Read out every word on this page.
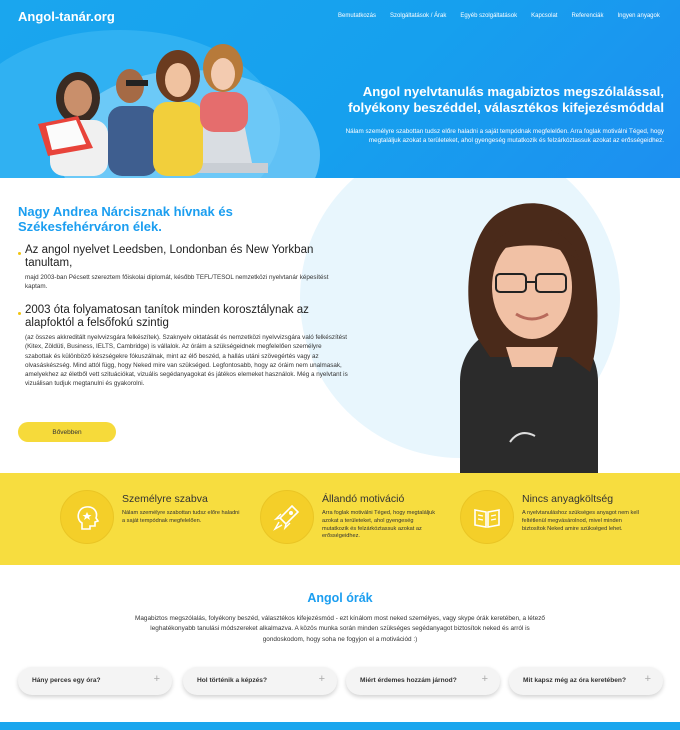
Angol-tanár.org	Bemutatkozás Szolgáltatások / Árak Egyéb szolgáltatások Kapcsolat Referenciák Ingyen anyagok
Angol nyelvtanulás magabiztos megszólalással, folyékony beszéddel, választékos kifejezésmóddal

Nálam személyre szabottan tudsz előre haladni a saját tempódnak megfelelően. Arra foglak motiválni Téged, hogy megtaláljuk azokat a területeket, ahol gyengeség mutatkozik és felzárkóztassuk azokat az erősségeidhez.

Nagy Andrea Nárcisznak hívnak és Székesfehérváron élek.

Az angol nyelvet Leedsben, Londonban és New Yorkban tanultam,

majd 2003-ban Pécsett szereztem főiskolai diplomát, később TEFL/TESOL nemzetközi nyelvtanár képesítést kaptam.

2003 óta folyamatosan tanítok minden korosztálynak az alapfoktól a felsőfokú szintig

(az összes akkreditált nyelvvizsgára felkészítek). Szaknyelv oktatását és nemzetközi nyelvvizsgára való felkészítést (Kitex, Zöldüti, Business, IELTS, Cambridge) is vállalok. Az óráim a szükségeidnek megfelelően személyre szabottak és különböző készségekre fókuszálnak, mint az élő beszéd, a hallás utáni szövegértés vagy az olvasáskészség. Mind attól függ, hogy Neked mire van szükséged. Legfontosabb, hogy az óráim nem unalmasak, amelyekhez az életből vett szituációkat, vizuális segédanyagokat és játékos elemeket használok. Még a nyelvtant is vizuálisan tudjuk megtanulni és gyakorolni.

Bővebben

Személyre szabva

Nálam személyre szabottan tudsz előre haladni a saját tempódnak megfelelően.

Állandó motiváció

Arra foglak motiválni Téged, hogy megtaláljuk azokat a területeket, ahol gyengeség mutatkozik és felzárkóztassuk azokat az erősségeidhez.

Nincs anyagköltség

A nyelvtanuláshoz szükséges anyagot nem kell feltétlenül megvásárolnod, mivel minden biztosítok Neked amire szükséged lehet.

Angol órák

Magabiztos megszólalás, folyékony beszéd, választékos kifejezésmód - ezt kínálom most neked személyes, vagy skype órák keretében, a létező leghatékonyabb tanulási módszereket alkalmazva. A közös munka során minden szükséges segédanyagot biztosítok neked és arról is gondoskodom, hogy soha ne fogyjon el a motivációd :)

Hány perces egy óra?	+	Hol történik a képzés?	+	Miért érdemes hozzám járnod? +	Mit kapsz még az óra keretében? +
